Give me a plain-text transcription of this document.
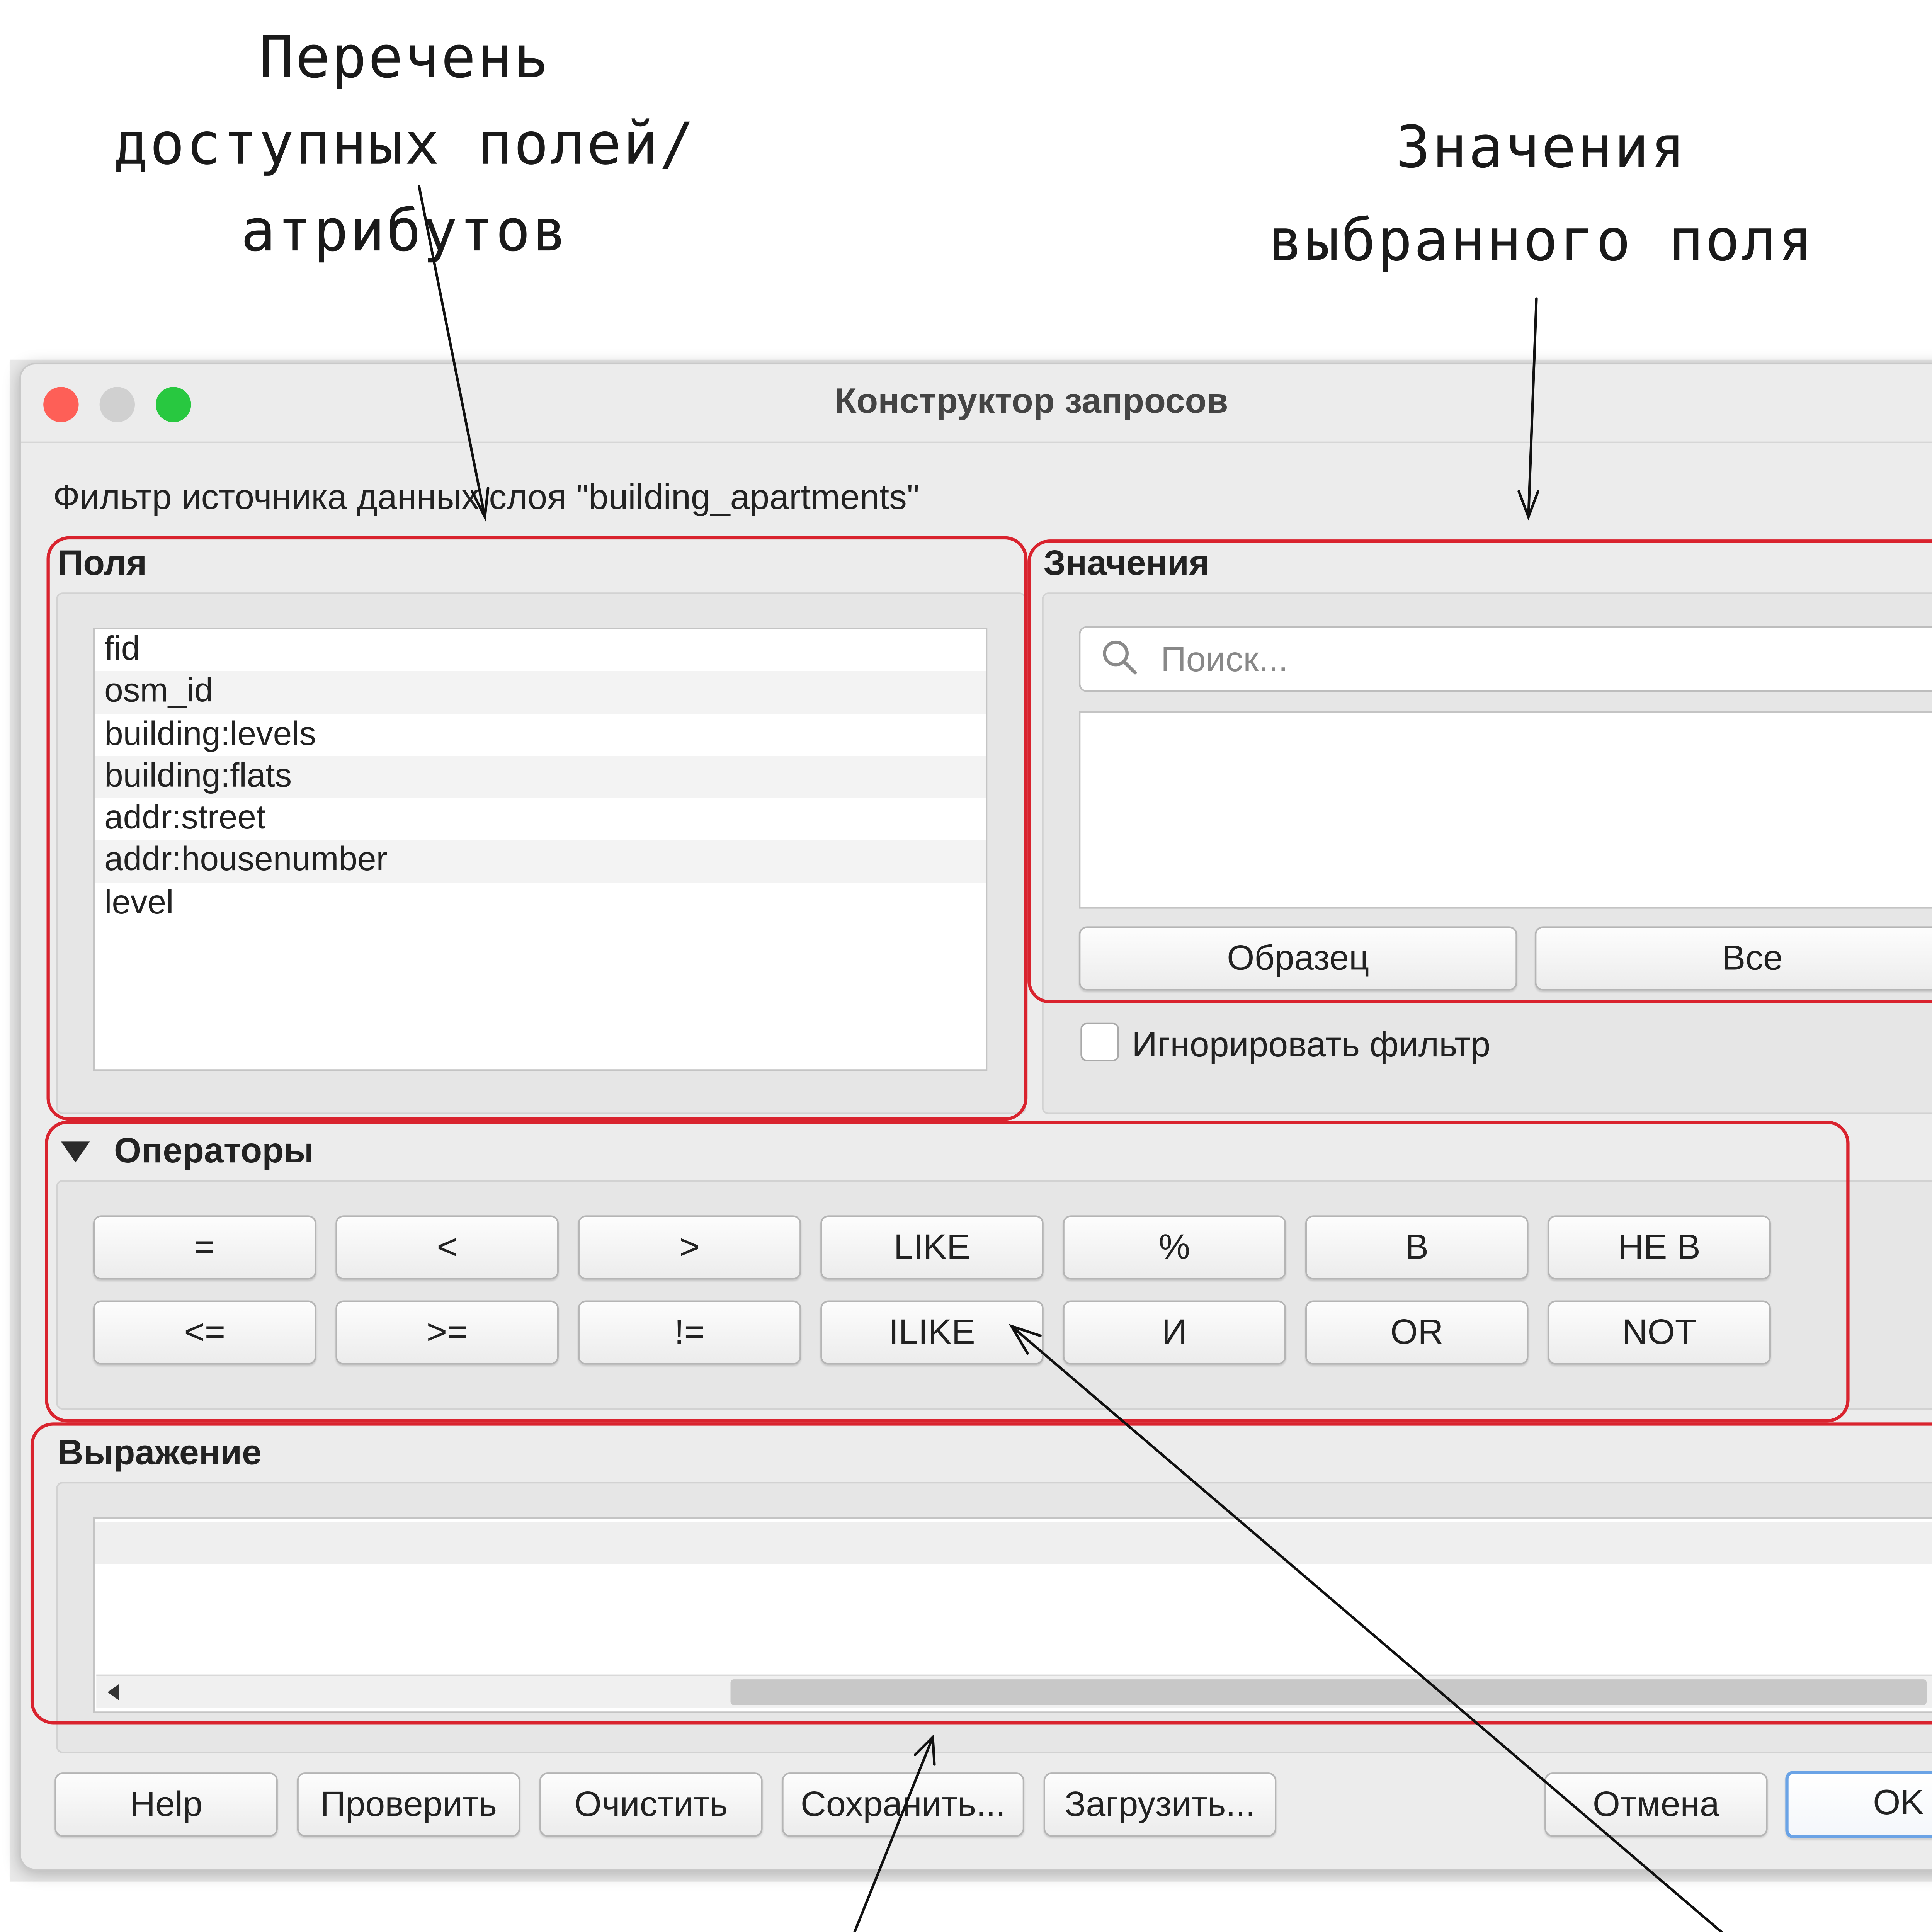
Перечень доступных полей/атрибутов
Значения выбранного поля
Конструктор запросов
Фильтр источника данных слоя "building_apartments"
Поля
fid
osm_id
building:levels
building:flats
addr:street
addr:housenumber
level
Значения
Поиск...
Образец	Все
Игнорировать фильтр
Операторы
=	<	>	LIKE	%	В	НЕ В
<=	>=	!=	ILIKE	И	OR	NOT
Выражение
Help	Проверить	Очистить	Сохранить...	Загрузить...	Отмена	OK
